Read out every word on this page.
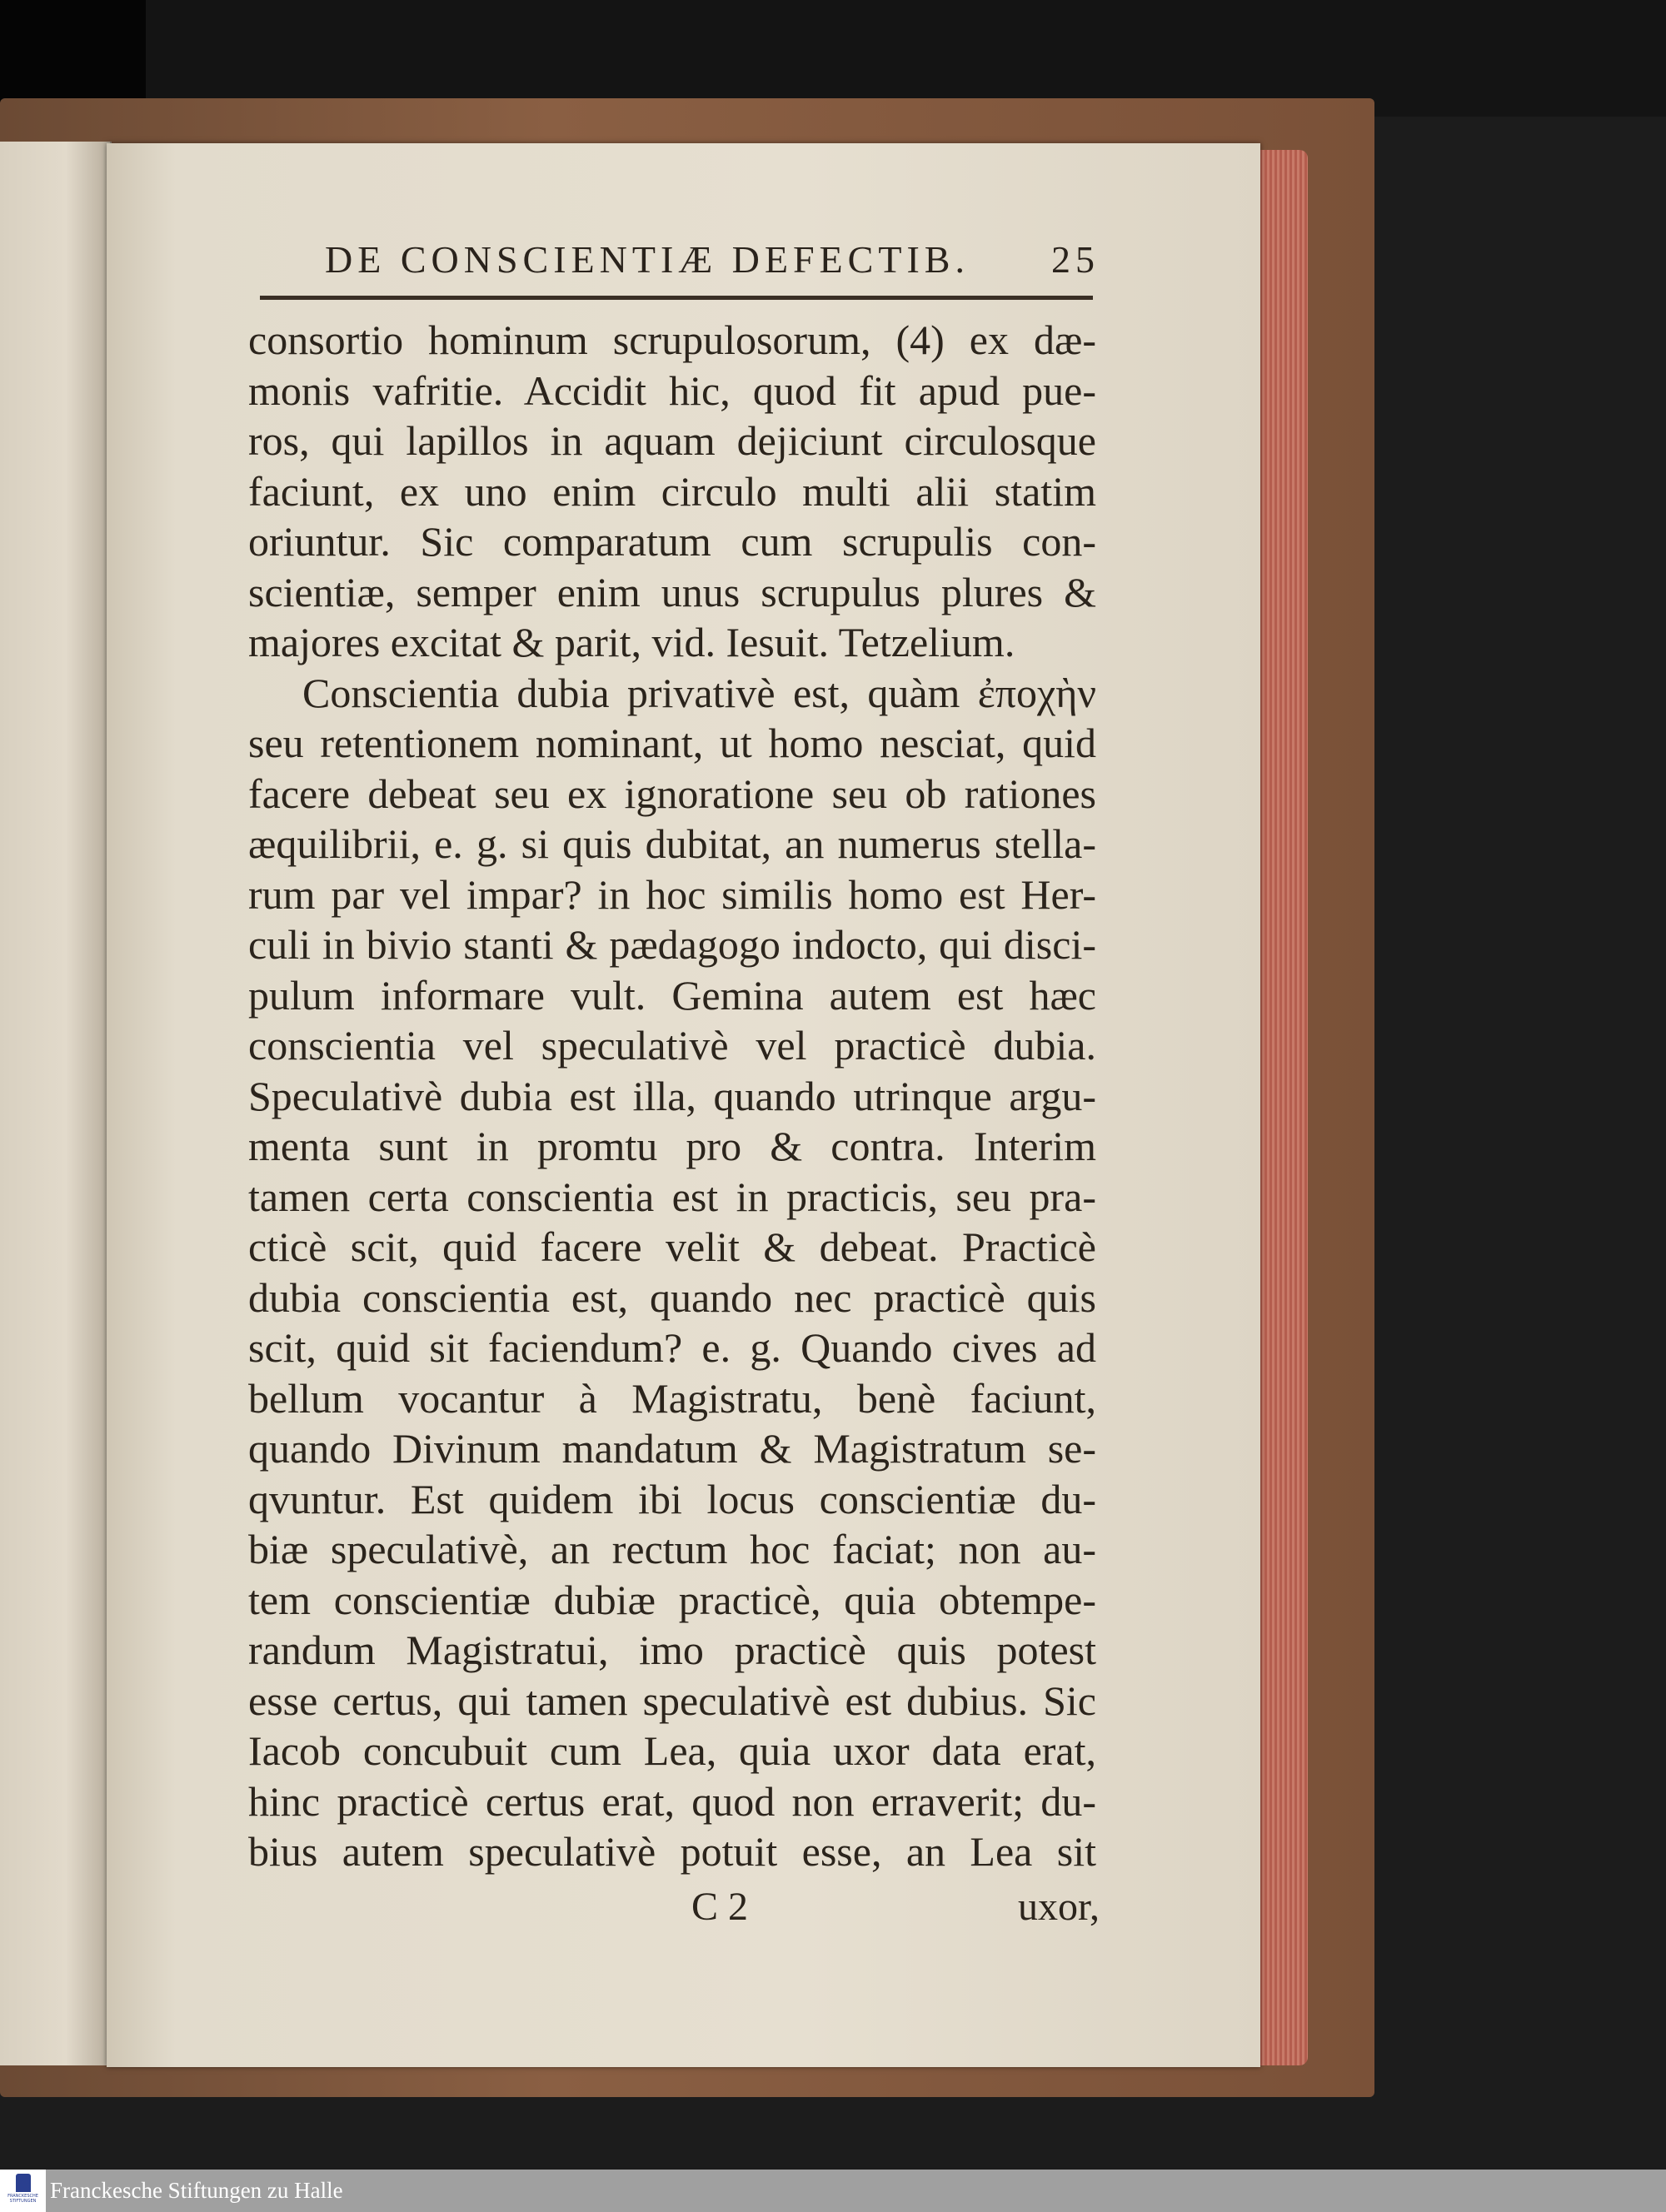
DE CONSCIENTIÆ DEFECTIB. 25
consortio hominum scrupulosorum, (4) ex dæ-
monis vafritie. Accidit hic, quod fit apud pue-
ros, qui lapillos in aquam dejiciunt circulosque
faciunt, ex uno enim circulo multi alii statim
oriuntur. Sic comparatum cum scrupulis con-
scientiæ, semper enim unus scrupulus plures &
majores excitat & parit, vid. Iesuit. Tetzelium.
Conscientia dubia privativè est, quàm ἐποχὴν
seu retentionem nominant, ut homo nesciat, quid
facere debeat seu ex ignoratione seu ob rationes
æquilibrii, e. g. si quis dubitat, an numerus stella-
rum par vel impar? in hoc similis homo est Her-
culi in bivio stanti & pædagogo indocto, qui disci-
pulum informare vult. Gemina autem est hæc
conscientia vel speculativè vel practicè dubia.
Speculativè dubia est illa, quando utrinque argu-
menta sunt in promtu pro & contra. Interim
tamen certa conscientia est in practicis, seu pra-
cticè scit, quid facere velit & debeat. Practicè
dubia conscientia est, quando nec practicè quis
scit, quid sit faciendum? e. g. Quando cives ad
bellum vocantur à Magistratu, benè faciunt,
quando Divinum mandatum & Magistratum se-
qvuntur. Est quidem ibi locus conscientiæ du-
biæ speculativè, an rectum hoc faciat; non au-
tem conscientiæ dubiæ practicè, quia obtempe-
randum Magistratui, imo practicè quis potest
esse certus, qui tamen speculativè est dubius. Sic
Iacob concubuit cum Lea, quia uxor data erat,
hinc practicè certus erat, quod non erraverit; du-
bius autem speculativè potuit esse, an Lea sit
C 2	uxor,
FRANCKESCHE STIFTUNGEN Franckesche Stiftungen zu Halle
